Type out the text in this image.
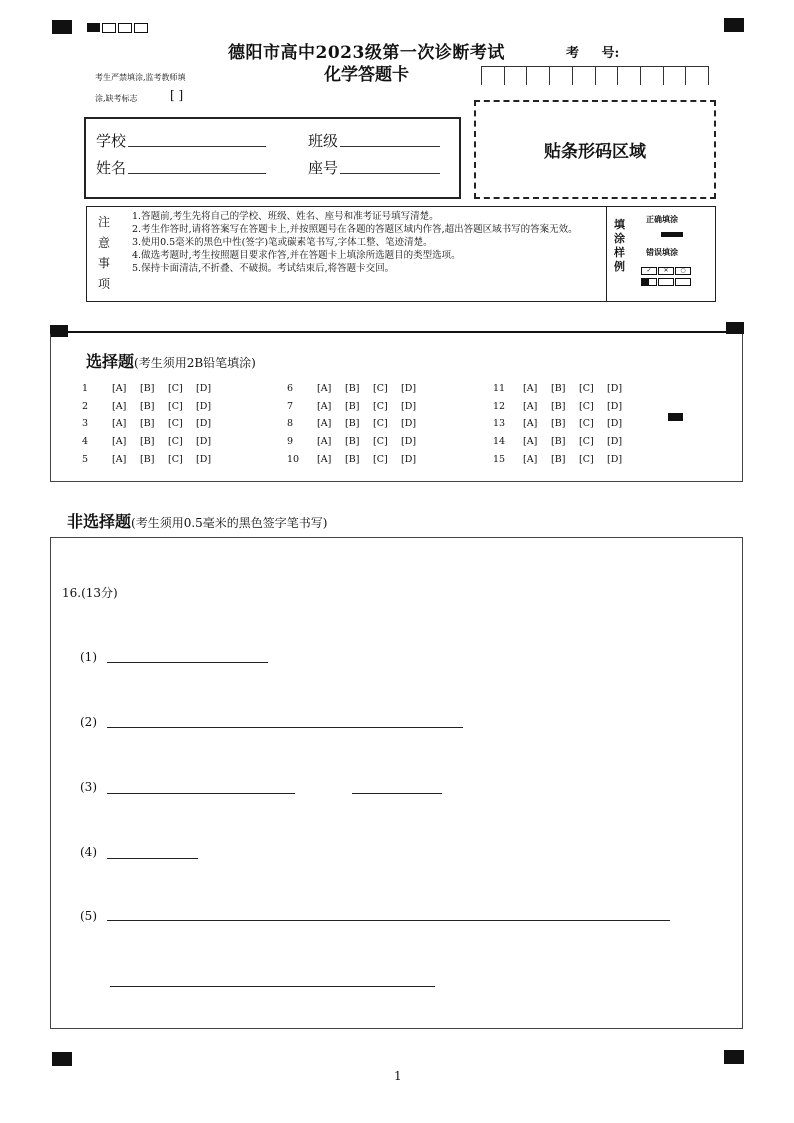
德阳市高中2023级第一次诊断考试
化学答题卡
考 号:
考生严禁填涂,监考教师填
涂,缺考标志	[ ]
学校	班级
姓名	座号
贴条形码区域
注
意
事
项
1.答题前,考生先将自己的学校、班级、姓名、座号和准考证号填写清楚。
2.考生作答时,请将答案写在答题卡上,并按照题号在各题的答题区域内作答,超出答题区域书写的答案无效。
3.使用0.5毫米的黑色中性(签字)笔或碳素笔书写,字体工整、笔迹清楚。
4.做选考题时,考生按照题目要求作答,并在答题卡上填涂所选题目的类型选项。
5.保持卡面清洁,不折叠、不破损。考试结束后,将答题卡交回。
填
涂
样
例
正确填涂
错误填涂
✓	✕	○
选择题(考生须用2B铅笔填涂)
1	[A]	[B]	[C]	[D]
2	[A]	[B]	[C]	[D]
3	[A]	[B]	[C]	[D]
4	[A]	[B]	[C]	[D]
5	[A]	[B]	[C]	[D]
6	[A]	[B]	[C]	[D]
7	[A]	[B]	[C]	[D]
8	[A]	[B]	[C]	[D]
9	[A]	[B]	[C]	[D]
10	[A]	[B]	[C]	[D]
11	[A]	[B]	[C]	[D]
12	[A]	[B]	[C]	[D]
13	[A]	[B]	[C]	[D]
14	[A]	[B]	[C]	[D]
15	[A]	[B]	[C]	[D]
非选择题(考生须用0.5毫米的黑色签字笔书写)
16.(13分)
(1)
(2)
(3)
(4)
(5)
1
